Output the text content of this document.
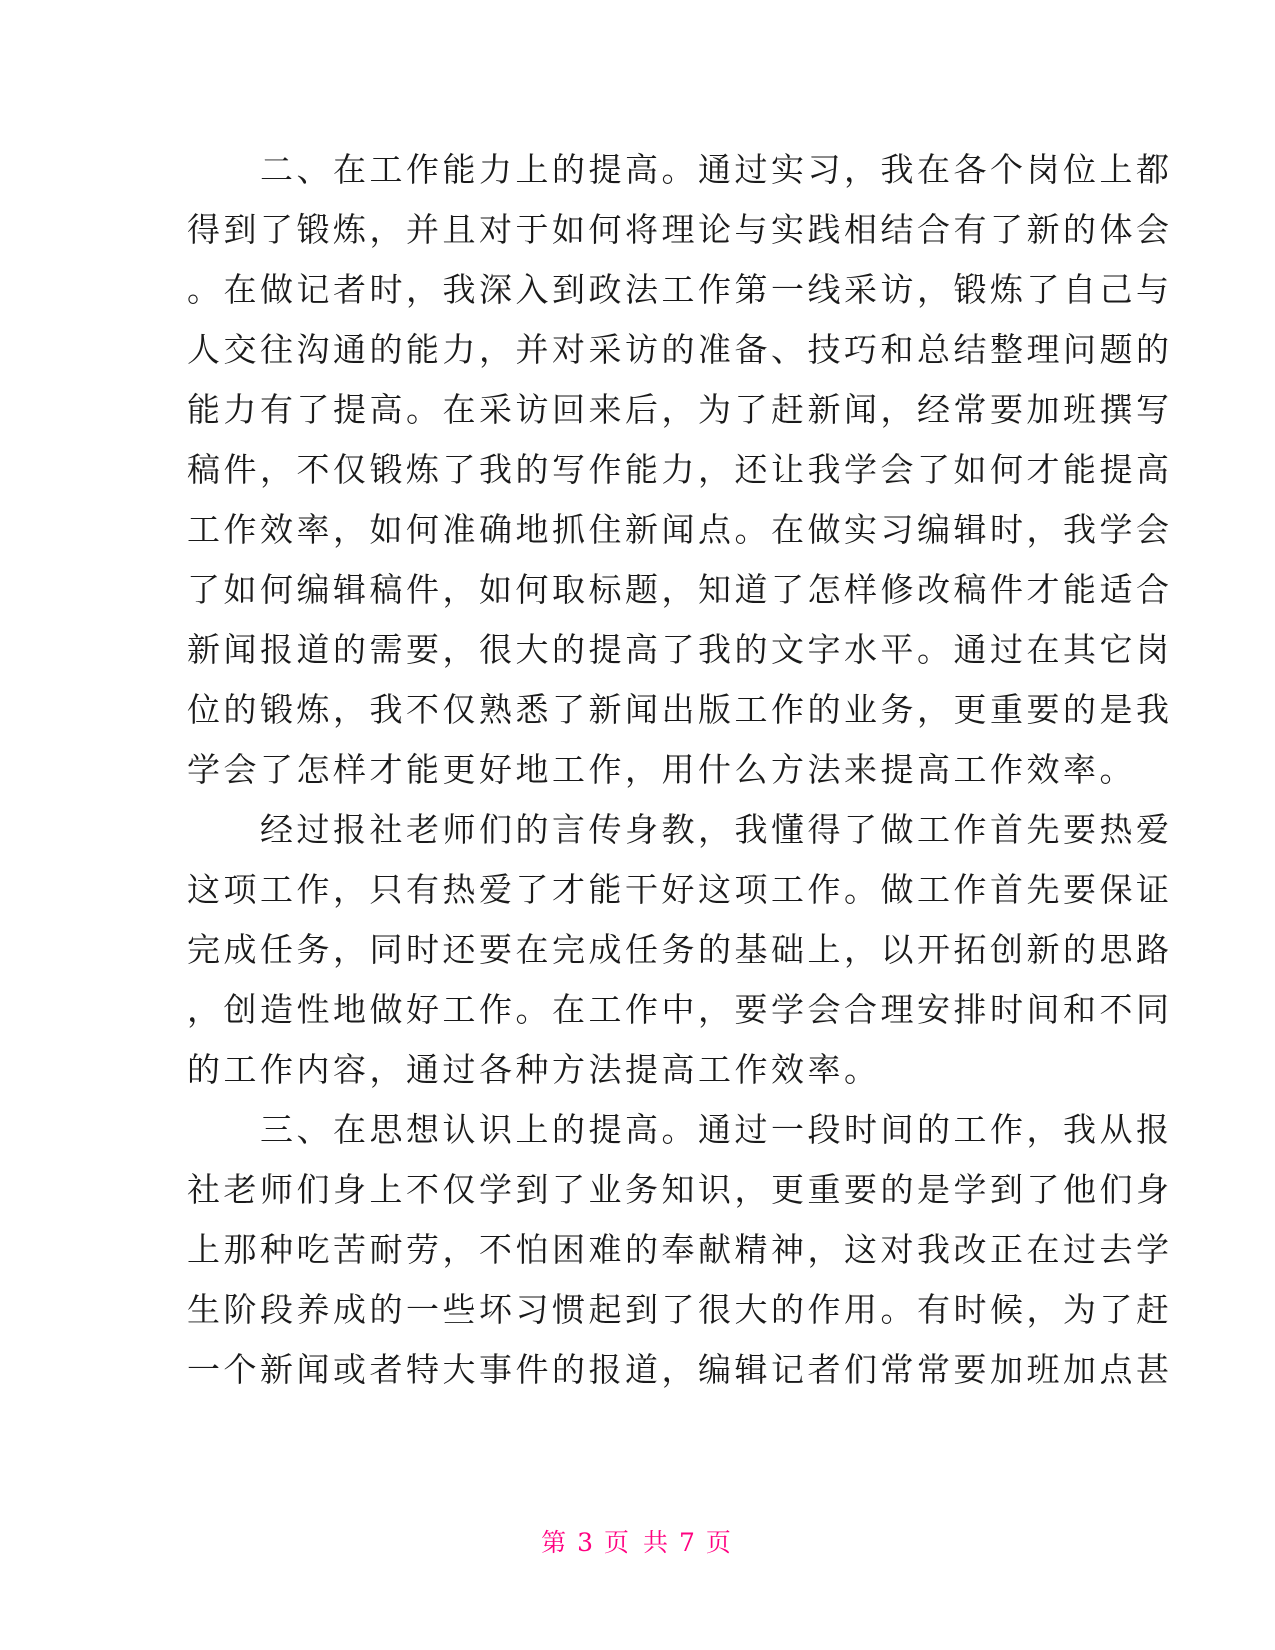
　　二、在工作能力上的提高。通过实习，我在各个岗位上都
得到了锻炼，并且对于如何将理论与实践相结合有了新的体会
。在做记者时，我深入到政法工作第一线采访，锻炼了自己与
人交往沟通的能力，并对采访的准备、技巧和总结整理问题的
能力有了提高。在采访回来后，为了赶新闻，经常要加班撰写
稿件，不仅锻炼了我的写作能力，还让我学会了如何才能提高
工作效率，如何准确地抓住新闻点。在做实习编辑时，我学会
了如何编辑稿件，如何取标题，知道了怎样修改稿件才能适合
新闻报道的需要，很大的提高了我的文字水平。通过在其它岗
位的锻炼，我不仅熟悉了新闻出版工作的业务，更重要的是我
学会了怎样才能更好地工作，用什么方法来提高工作效率。
　　经过报社老师们的言传身教，我懂得了做工作首先要热爱
这项工作，只有热爱了才能干好这项工作。做工作首先要保证
完成任务，同时还要在完成任务的基础上，以开拓创新的思路
，创造性地做好工作。在工作中，要学会合理安排时间和不同
的工作内容，通过各种方法提高工作效率。
　　三、在思想认识上的提高。通过一段时间的工作，我从报
社老师们身上不仅学到了业务知识，更重要的是学到了他们身
上那种吃苦耐劳，不怕困难的奉献精神，这对我改正在过去学
生阶段养成的一些坏习惯起到了很大的作用。有时候，为了赶
一个新闻或者特大事件的报道，编辑记者们常常要加班加点甚
第 3 页 共 7 页
